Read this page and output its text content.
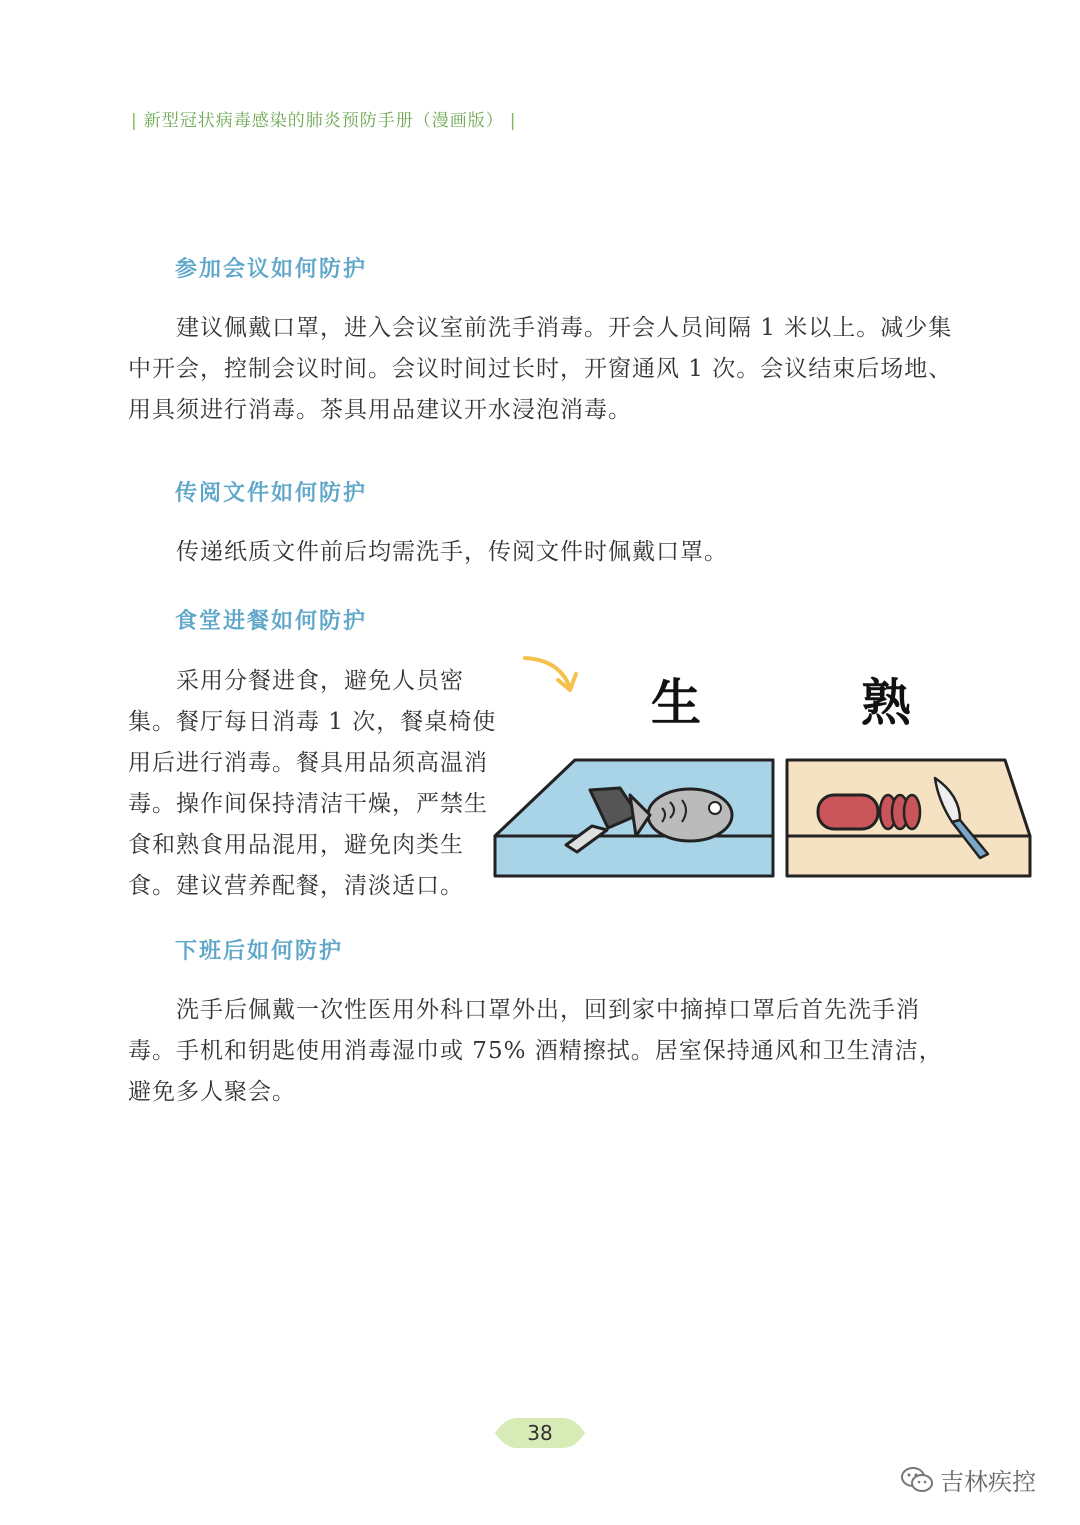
| 新型冠状病毒感染的肺炎预防手册（漫画版） |
参加会议如何防护
建议佩戴口罩，进入会议室前洗手消毒。开会人员间隔 1 米以上。减少集中开会，控制会议时间。会议时间过长时，开窗通风 1 次。会议结束后场地、用具须进行消毒。茶具用品建议开水浸泡消毒。
传阅文件如何防护
传递纸质文件前后均需洗手，传阅文件时佩戴口罩。
食堂进餐如何防护
采用分餐进食，避免人员密集。餐厅每日消毒 1 次，餐桌椅使用后进行消毒。餐具用品须高温消毒。操作间保持清洁干燥，严禁生食和熟食用品混用，避免肉类生食。建议营养配餐，清淡适口。
生	熟
下班后如何防护
洗手后佩戴一次性医用外科口罩外出，回到家中摘掉口罩后首先洗手消毒。手机和钥匙使用消毒湿巾或 75% 酒精擦拭。居室保持通风和卫生清洁，避免多人聚会。
38
吉林疾控
